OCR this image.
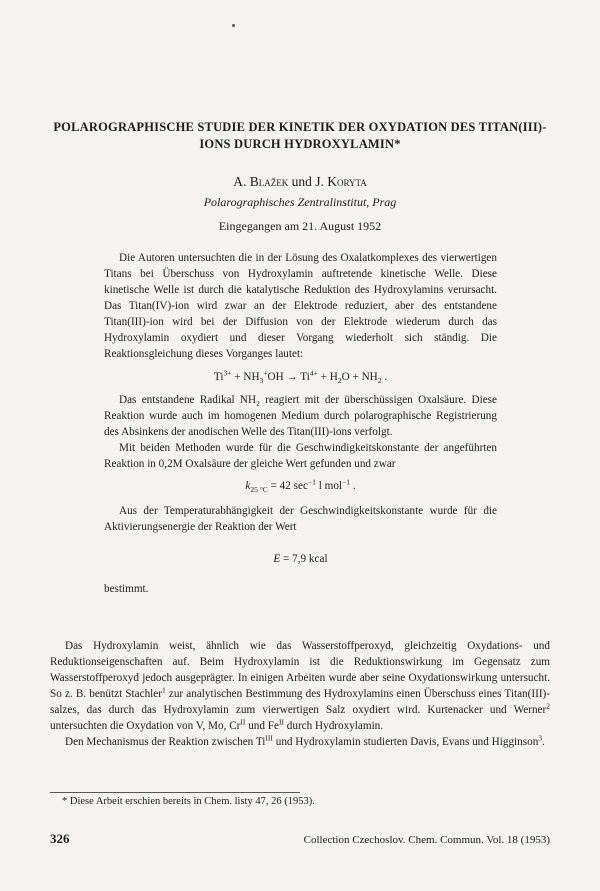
POLAROGRAPHISCHE STUDIE DER KINETIK DER OXYDATION DES TITAN(III)-IONS DURCH HYDROXYLAMIN*
A. Blažek und J. Koryta
Polarographisches Zentralinstitut, Prag
Eingegangen am 21. August 1952

Die Autoren untersuchten die in der Lösung des Oxalatkomplexes des vierwertigen Titans bei Überschuss von Hydroxylamin auftretende kinetische Welle. Diese kinetische Welle ist durch die katalytische Reduktion des Hydroxylamins verursacht. Das Titan(IV)-ion wird zwar an der Elektrode reduziert, aber des entstandene Titan(III)-ion wird bei der Diffusion von der Elektrode wiederum durch das Hydroxylamin oxydiert und dieser Vorgang wiederholt sich ständig. Die Reaktionsgleichung dieses Vorganges lautet:

$Ti^{3+} + NH_3^+OH \to Ti^{4+} + H_2O + NH_2$ .

Das entstandene Radikal $NH_2$ reagiert mit der überschüssigen Oxalsäure. Diese Reaktion wurde auch im homogenen Medium durch polarographische Registrierung des Absinkens der anodischen Welle des Titan(III)-ions verfolgt.

Mit beiden Methoden wurde für die Geschwindigkeitskonstante der angeführten Reaktion in 0,2M Oxalsäure der gleiche Wert gefunden und zwar

$k_{25 ^\circ C} = 42$ $\sec^{-1} l$ mol$^{-1}$ .

Aus der Temperaturabhängigkeit der Geschwindigkeitskonstante wurde für die Aktivierungsenergie der Reaktion der Wert

E = 7,9 kcal

bestimmt.

Das Hydroxylamin weist, ähnlich wie das Wasserstoffperoxyd, gleichzeitig Oxydations- und Reduktionseigenschaften auf. Beim Hydroxylamin ist die Reduktionswirkung im Gegensatz zum Wasserstoffperoxyd jedoch ausgeprägter. In einigen Arbeiten wurde aber seine Oxydationswirkung untersucht. So z. B. benützt Stachler$^1$ zur analytischen Bestimmung des Hydroxylamins einen Überschuss eines Titan(III)-salzes, das durch das Hydroxylamin zum vierwertigen Salz oxydiert wird. Kurtenacker und Werner$^2$ untersuchten die Oxydation von V, Mo, $Cr^{II}$ und $Fe^{II}$ durch Hydroxylamin.

Den Mechanismus der Reaktion zwischen $Ti^{III}$ und Hydroxylamin studierten Davis, Evans und Higginson$^3$.

* Diese Arbeit erschien bereits in Chem. listy 47, 26 (1953).
326	Collection Czechoslov. Chem. Commun. Vol. 18 (1953)
